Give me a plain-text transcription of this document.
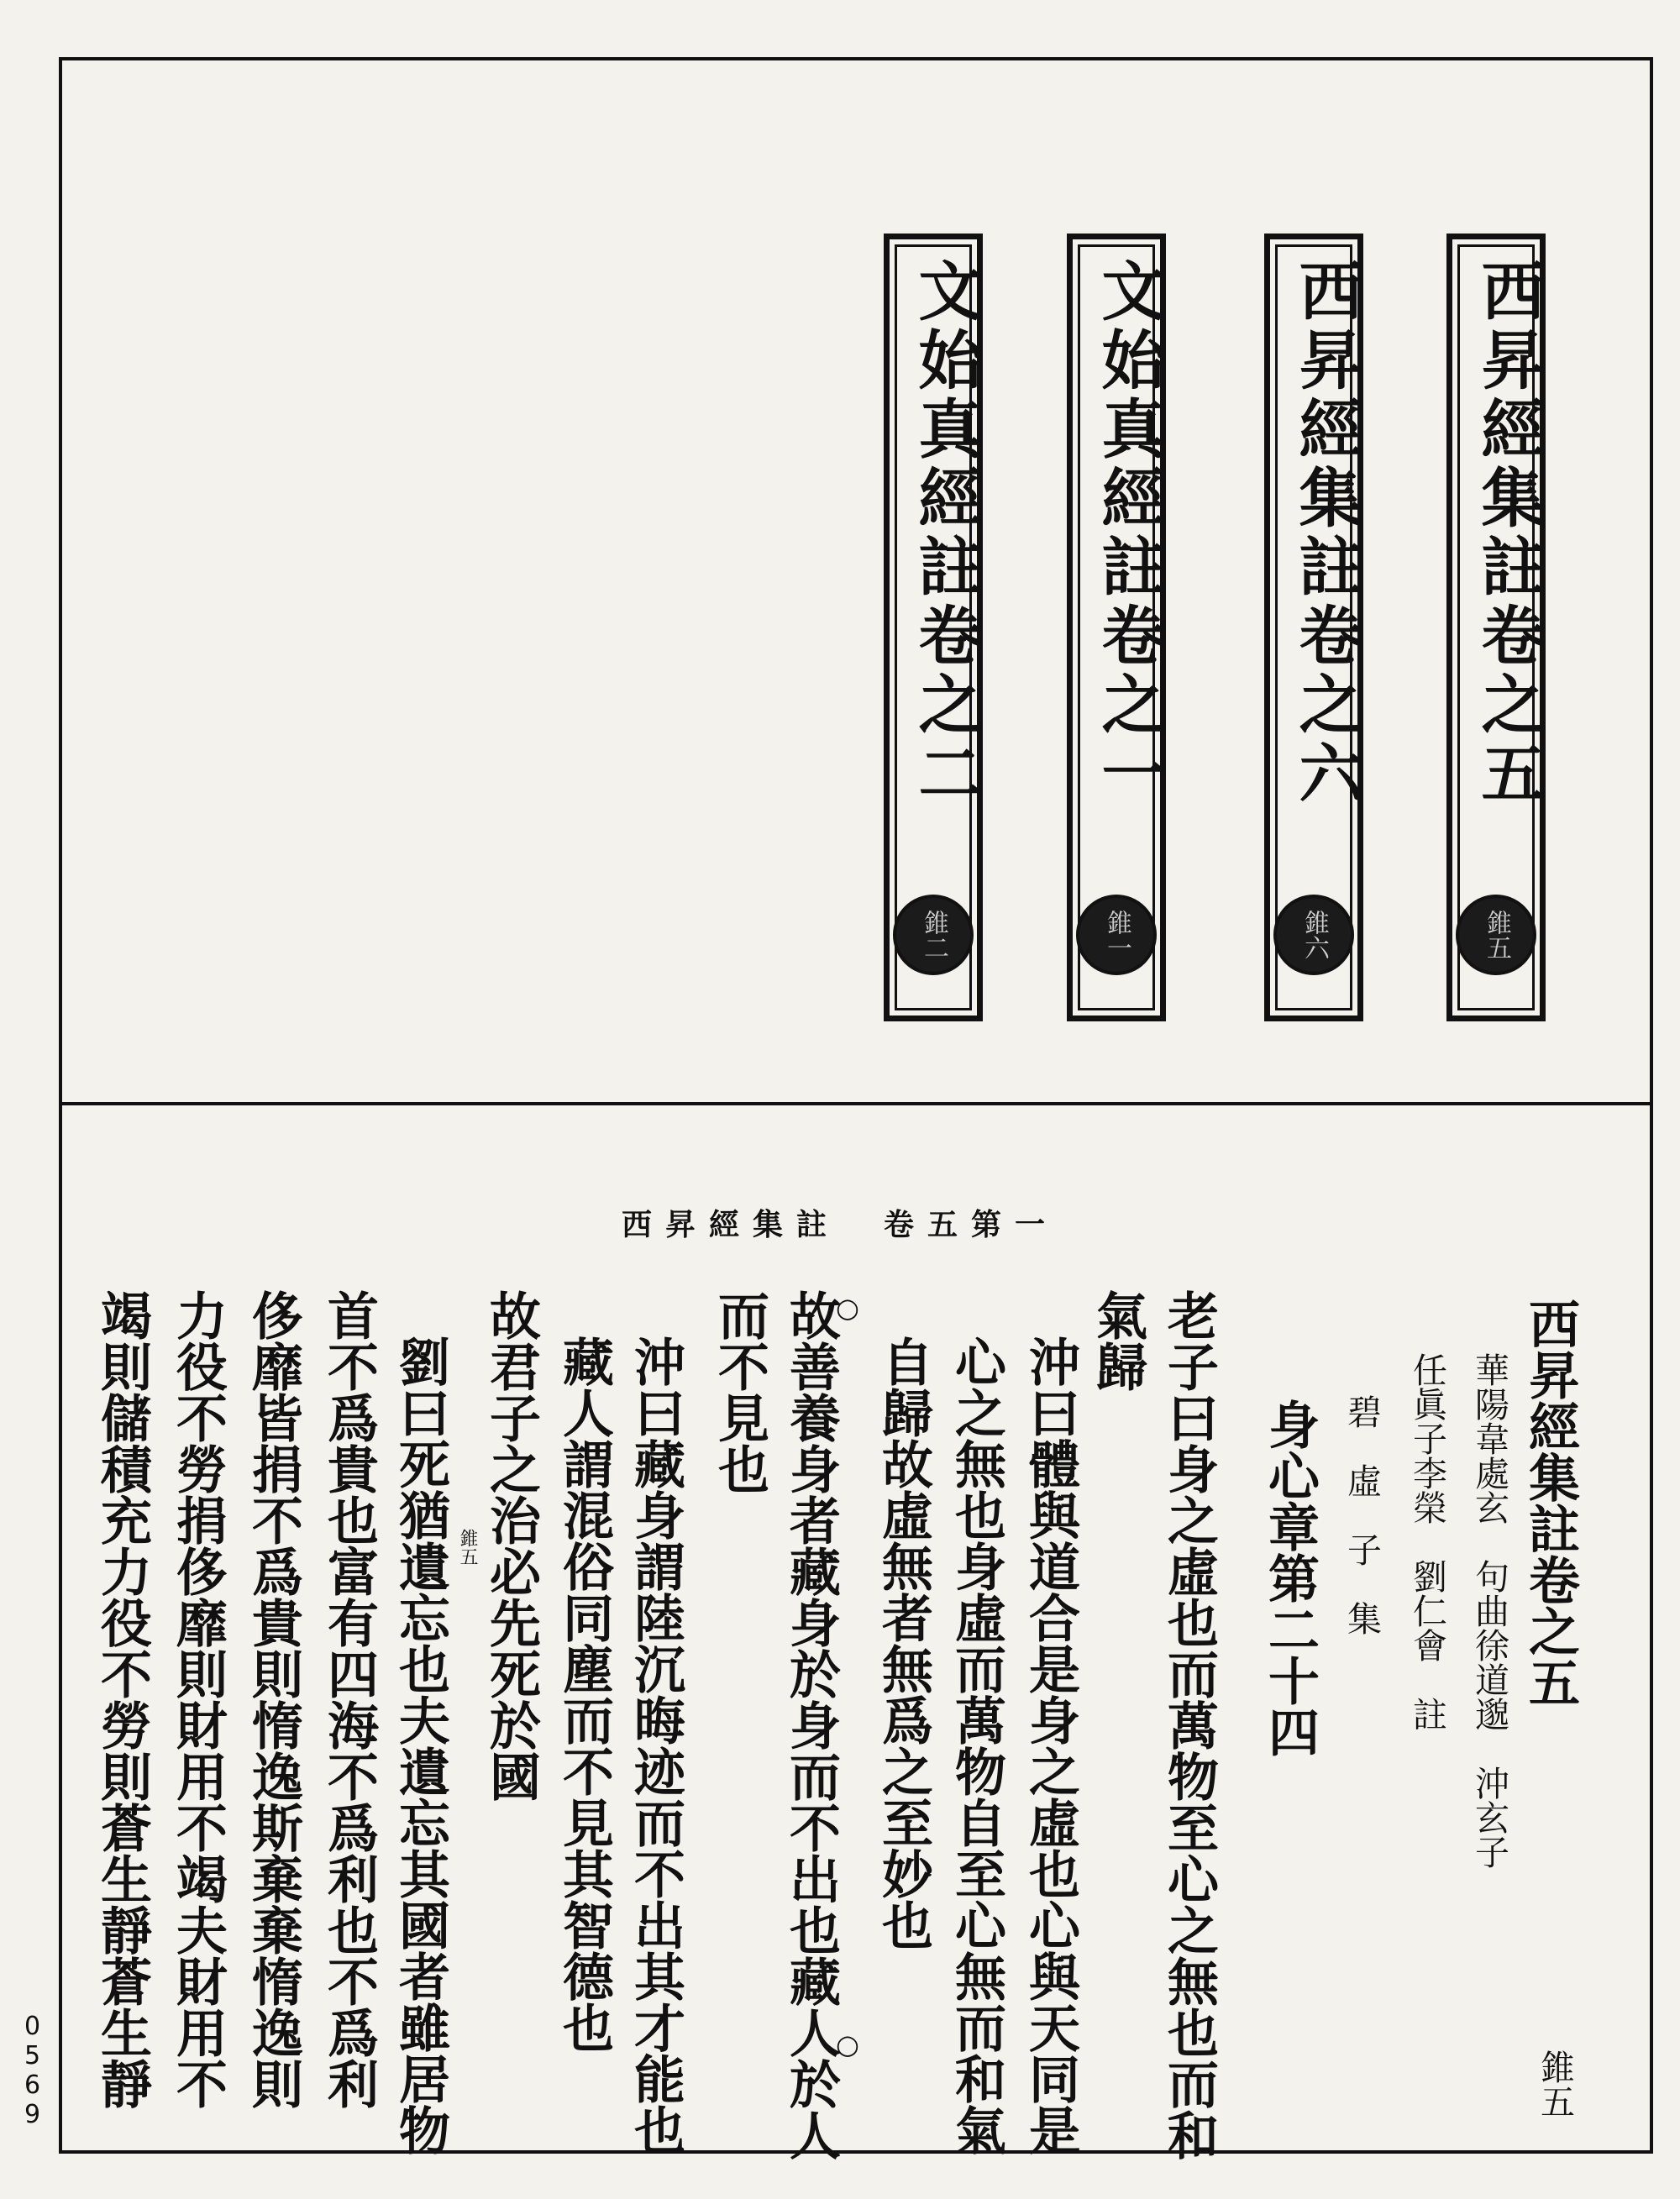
西昇經集註卷之五
錐五
西昇經集註卷之六
錐六
文始真經註卷之一
錐一
文始真經註卷之二
錐二
西昇經集註　卷五第一
西昇經集註卷之五
錐五
華陽韋處玄　句曲徐道邈　沖玄子
任眞子李榮　劉仁會　註
碧　虛　子　集
身心章第二十四
老子曰身之虛也而萬物至心之無也而和
氣歸
沖曰體與道合是身之虛也心與天同是
心之無也身虛而萬物自至心無而和氣
自歸故虛無者無爲之至妙也
故善養身者藏身於身而不出也藏人於人
○
○
而不見也
沖曰藏身謂陸沉晦迹而不出其才能也
藏人謂混俗同塵而不見其智德也
故君子之治必先死於國
錐五
劉曰死猶遺忘也夫遺忘其國者雖居物
首不爲貴也富有四海不爲利也不爲利
侈靡皆捐不爲貴則惰逸斯棄棄惰逸則
力役不勞捐侈靡則財用不竭夫財用不
竭則儲積充力役不勞則蒼生靜蒼生靜
0569
